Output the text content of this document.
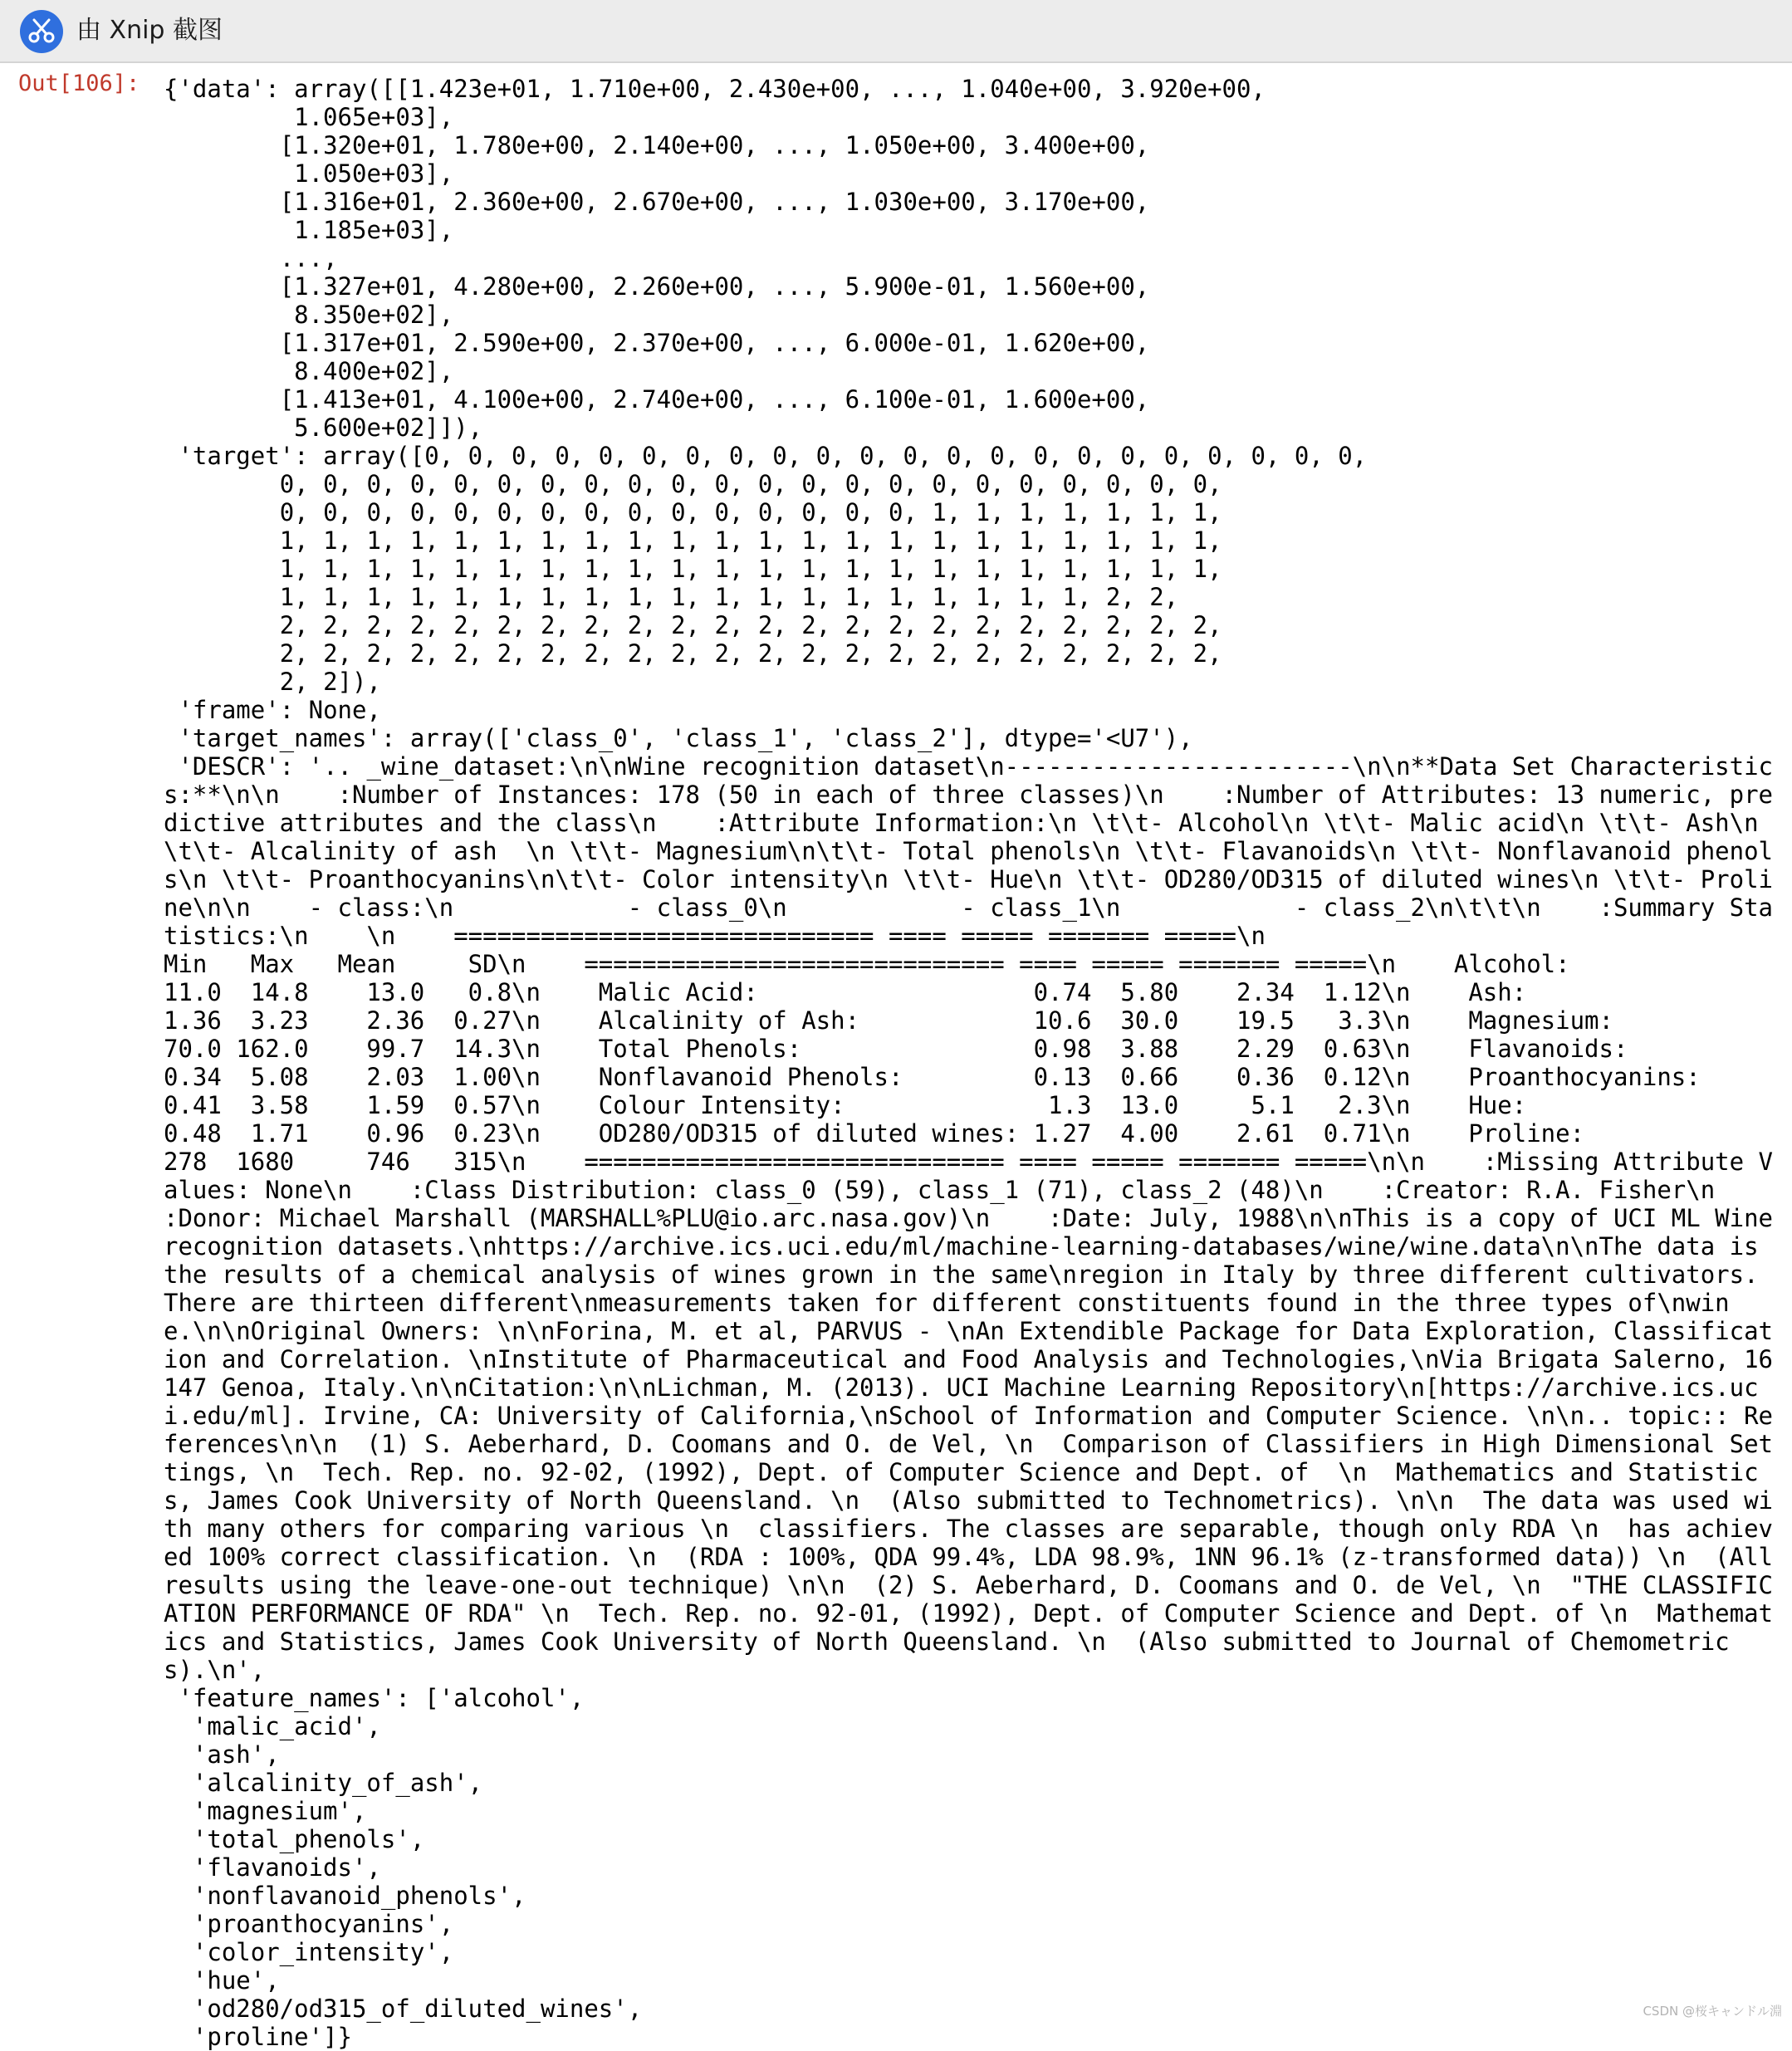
由 Xnip 截图
Out[106]: {'data': array([[1.423e+01, 1.710e+00, 2.430e+00, ..., 1.040e+00, 3.920e+00,
1.065e+03],
[1.320e+01, 1.780e+00, 2.140e+00, ..., 1.050e+00, 3.400e+00,
1.050e+03],
[1.316e+01, 2.360e+00, 2.670e+00, ..., 1.030e+00, 3.170e+00,
1.185e+03],
...,
[1.327e+01, 4.280e+00, 2.260e+00, ..., 5.900e-01, 1.560e+00,
8.350e+02],
[1.317e+01, 2.590e+00, 2.370e+00, ..., 6.000e-01, 1.620e+00,
8.400e+02],
[1.413e+01, 4.100e+00, 2.740e+00, ..., 6.100e-01, 1.600e+00,
5.600e+02]]),
'target': array([0, 0, 0, 0, 0, 0, 0, 0, 0, 0, 0, 0, 0, 0, 0, 0, 0, 0, 0, 0, 0, 0,
0, 0, 0, 0, 0, 0, 0, 0, 0, 0, 0, 0, 0, 0, 0, 0, 0, 0, 0, 0, 0, 0,
0, 0, 0, 0, 0, 0, 0, 0, 0, 0, 0, 0, 0, 0, 0, 1, 1, 1, 1, 1, 1, 1,
1, 1, 1, 1, 1, 1, 1, 1, 1, 1, 1, 1, 1, 1, 1, 1, 1, 1, 1, 1, 1, 1,
1, 1, 1, 1, 1, 1, 1, 1, 1, 1, 1, 1, 1, 1, 1, 1, 1, 1, 1, 1, 1, 1,
1, 1, 1, 1, 1, 1, 1, 1, 1, 1, 1, 1, 1, 1, 1, 1, 1, 1, 1, 2, 2,
2, 2, 2, 2, 2, 2, 2, 2, 2, 2, 2, 2, 2, 2, 2, 2, 2, 2, 2, 2, 2, 2,
2, 2, 2, 2, 2, 2, 2, 2, 2, 2, 2, 2, 2, 2, 2, 2, 2, 2, 2, 2, 2, 2,
2, 2]),
'frame': None,
'target_names': array(['class_0', 'class_1', 'class_2'], dtype='<U7'),
'DESCR': '.. _wine_dataset:\n\nWine recognition dataset\n------------------------\n\n**Data Set Characteristics:**\n\n    :Number of Instances: 178 (50 in each of three classes)\n    :Number of Attributes: 13 numeric, predictive attributes and the class\n    :Attribute Information:\n \t\t- Alcohol\n \t\t- Malic acid\n \t\t- Ash\n\t\t- Alcalinity of ash  \n \t\t- Magnesium\n\t\t- Total phenols\n \t\t- Flavanoids\n \t\t- Nonflavanoid phenols\n \t\t- Proanthocyanins\n\t\t- Color intensity\n \t\t- Hue\n \t\t- OD280/OD315 of diluted wines\n \t\t- Proline\n\n    - class:\n            - class_0\n            - class_1\n            - class_2\n\t\t\n    :Summary Statistics:\n    \n    ============================= ==== ===== ======= =====\n                                   Min   Max   Mean     SD\n    ============================= ==== ===== ======= =====\n    Alcohol:                      11.0  14.8    13.0   0.8\n    Malic Acid:                   0.74  5.80    2.34  1.12\n    Ash:                          1.36  3.23    2.36  0.27\n    Alcalinity of Ash:            10.6  30.0    19.5   3.3\n    Magnesium:                    70.0 162.0    99.7  14.3\n    Total Phenols:                0.98  3.88    2.29  0.63\n    Flavanoids:                   0.34  5.08    2.03  1.00\n    Nonflavanoid Phenols:         0.13  0.66    0.36  0.12\n    Proanthocyanins:              0.41  3.58    1.59  0.57\n    Colour Intensity:              1.3  13.0     5.1   2.3\n    Hue:                          0.48  1.71    0.96  0.23\n    OD280/OD315 of diluted wines: 1.27  4.00    2.61  0.71\n    Proline:                       278  1680     746   315\n    ============================= ==== ===== ======= =====\n\n    :Missing Attribute Values: None\n    :Class Distribution: class_0 (59), class_1 (71), class_2 (48)\n    :Creator: R.A. Fisher\n    :Donor: Michael Marshall (MARSHALL%PLU@io.arc.nasa.gov)\n    :Date: July, 1988\n\nThis is a copy of UCI ML Wine recognition datasets.\nhttps://archive.ics.uci.edu/ml/machine-learning-databases/wine/wine.data\n\nThe data is the results of a chemical analysis of wines grown in the same\nregion in Italy by three different cultivators. There are thirteen different\nmeasurements taken for different constituents found in the three types of\nwine.\n\nOriginal Owners: \n\nForina, M. et al, PARVUS - \nAn Extendible Package for Data Exploration, Classification and Correlation. \nInstitute of Pharmaceutical and Food Analysis and Technologies,\nVia Brigata Salerno, 16147 Genoa, Italy.\n\nCitation:\n\nLichman, M. (2013). UCI Machine Learning Repository\n[https://archive.ics.uci.edu/ml]. Irvine, CA: University of California,\nSchool of Information and Computer Science. \n\n.. topic:: References\n\n  (1) S. Aeberhard, D. Coomans and O. de Vel, \n  Comparison of Classifiers in High Dimensional Settings, \n  Tech. Rep. no. 92-02, (1992), Dept. of Computer Science and Dept. of  \n  Mathematics and Statistics, James Cook University of North Queensland. \n  (Also submitted to Technometrics). \n\n  The data was used with many others for comparing various \n  classifiers. The classes are separable, though only RDA \n  has achieved 100% correct classification. \n  (RDA : 100%, QDA 99.4%, LDA 98.9%, 1NN 96.1% (z-transformed data)) \n  (All results using the leave-one-out technique) \n\n  (2) S. Aeberhard, D. Coomans and O. de Vel, \n  "THE CLASSIFICATION PERFORMANCE OF RDA" \n  Tech. Rep. no. 92-01, (1992), Dept. of Computer Science and Dept. of \n  Mathematics and Statistics, James Cook University of North Queensland. \n  (Also submitted to Journal of Chemometrics).\n',
'feature_names': ['alcohol',
'malic_acid',
'ash',
'alcalinity_of_ash',
'magnesium',
'total_phenols',
'flavanoids',
'nonflavanoid_phenols',
'proanthocyanins',
'color_intensity',
'hue',
'od280/od315_of_diluted_wines',
'proline']}	CSDN @桜キャンドル淵
